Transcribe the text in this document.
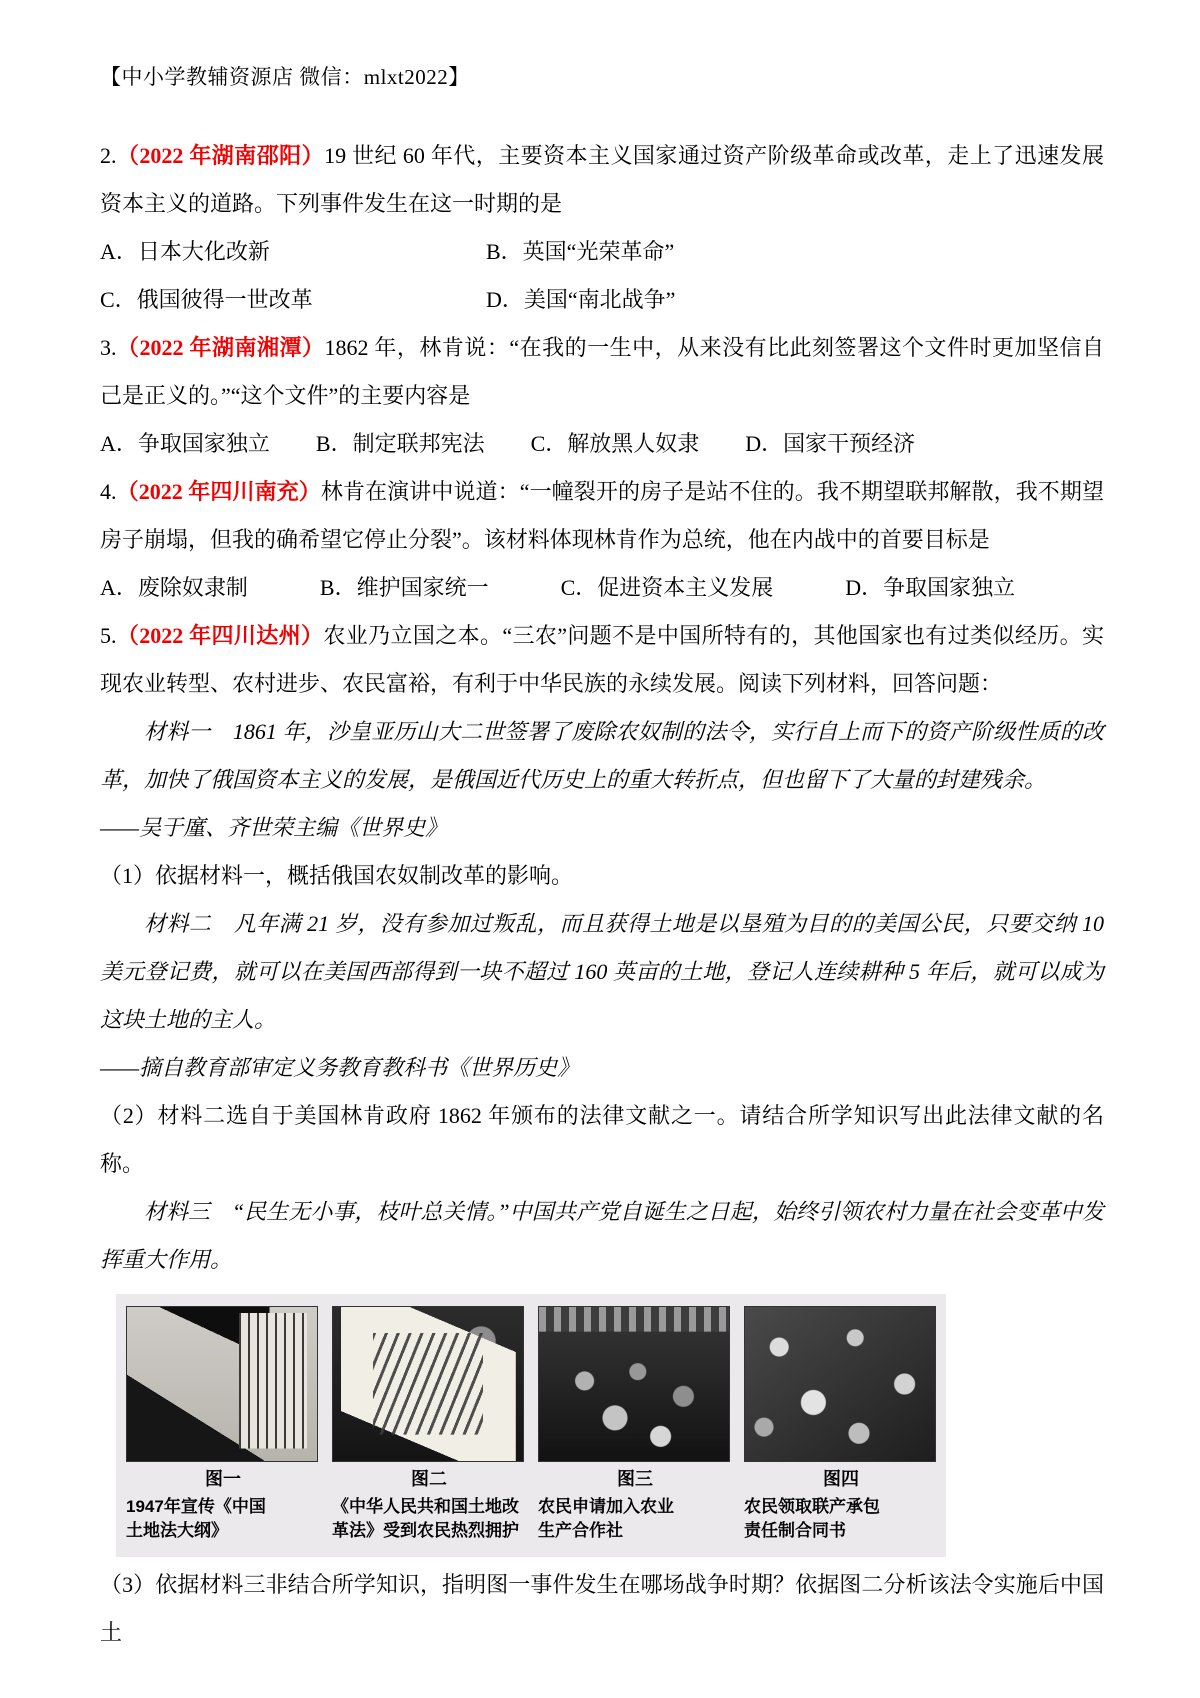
【中小学教辅资源店 微信：mlxt2022】

2.（2022 年湖南邵阳）19 世纪 60 年代，主要资本主义国家通过资产阶级革命或改革，走上了迅速发展资本主义的道路。下列事件发生在这一时期的是

A．日本大化改新	B．英国“光荣革命”
C．俄国彼得一世改革	D．美国“南北战争”

3.（2022 年湖南湘潭）1862 年，林肯说：“在我的一生中，从来没有比此刻签署这个文件时更加坚信自己是正义的。”“这个文件”的主要内容是

A．争取国家独立 B．制定联邦宪法 C．解放黑人奴隶 D．国家干预经济

4.（2022 年四川南充）林肯在演讲中说道：“一幢裂开的房子是站不住的。我不期望联邦解散，我不期望房子崩塌，但我的确希望它停止分裂”。该材料体现林肯作为总统，他在内战中的首要目标是

A．废除奴隶制	B．维护国家统一	C．促进资本主义发展	D．争取国家独立

5.（2022 年四川达州）农业乃立国之本。“三农”问题不是中国所特有的，其他国家也有过类似经历。实现农业转型、农村进步、农民富裕，有利于中华民族的永续发展。阅读下列材料，回答问题：

材料一　1861 年，沙皇亚历山大二世签署了废除农奴制的法令，实行自上而下的资产阶级性质的改革，加快了俄国资本主义的发展，是俄国近代历史上的重大转折点，但也留下了大量的封建残余。

——吴于廑、齐世荣主编《世界史》

（1）依据材料一，概括俄国农奴制改革的影响。

材料二　凡年满 21 岁，没有参加过叛乱，而且获得土地是以垦殖为目的的美国公民，只要交纳 10 美元登记费，就可以在美国西部得到一块不超过 160 英亩的土地，登记人连续耕种 5 年后，就可以成为这块土地的主人。

——摘自教育部审定义务教育教科书《世界历史》

（2）材料二选自于美国林肯政府 1862 年颁布的法律文献之一。请结合所学知识写出此法律文献的名称。

材料三　“民生无小事，枝叶总关情。”中国共产党自诞生之日起，始终引领农村力量在社会变革中发挥重大作用。

图一
1947年宣传《中国土地法大纲》
图二
《中华人民共和国土地改革法》受到农民热烈拥护
图三
农民申请加入农业生产合作社
图四
农民领取联产承包责任制合同书

（3）依据材料三非结合所学知识，指明图一事件发生在哪场战争时期？依据图二分析该法令实施后中国土
